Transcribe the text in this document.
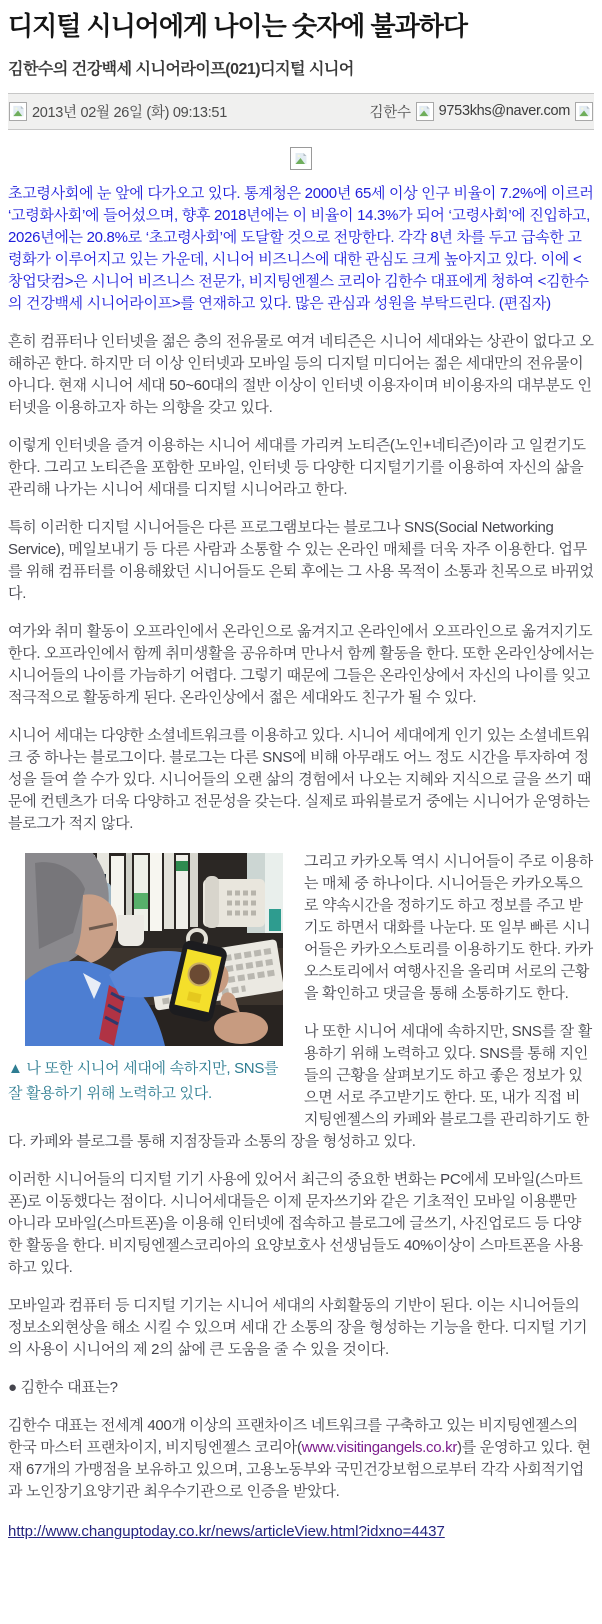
디지털 시니어에게 나이는 숫자에 불과하다
김한수의 건강백세 시니어라이프(021)디지털 시니어
2013년 02월 26일 (화) 09:13:51	김한수 9753khs@naver.com

초고령사회에 눈 앞에 다가오고 있다. 통계청은 2000년 65세 이상 인구 비율이 7.2%에 이르러 ‘고령화사회’에 들어섰으며, 향후 2018년에는 이 비율이 14.3%가 되어 ‘고령사회’에 진입하고, 2026년에는 20.8%로 ‘초고령사회’에 도달할 것으로 전망한다. 각각 8년 차를 두고 급속한 고령화가 이루어지고 있는 가운데, 시니어 비즈니스에 대한 관심도 크게 높아지고 있다. 이에 <창업닷컴>은 시니어 비즈니스 전문가, 비지팅엔젤스 코리아 김한수 대표에게 청하여 <김한수의 건강백세 시니어라이프>를 연재하고 있다. 많은 관심과 성원을 부탁드린다. (편집자)

흔히 컴퓨터나 인터넷을 젊은 층의 전유물로 여겨 네티즌은 시니어 세대와는 상관이 없다고 오해하곤 한다. 하지만 더 이상 인터넷과 모바일 등의 디지털 미디어는 젊은 세대만의 전유물이 아니다. 현재 시니어 세대 50~60대의 절반 이상이 인터넷 이용자이며 비이용자의 대부분도 인터넷을 이용하고자 하는 의향을 갖고 있다.

이렇게 인터넷을 즐겨 이용하는 시니어 세대를 가리켜 노티즌(노인+네티즌)이라 고 일컫기도 한다. 그리고 노티즌을 포함한 모바일, 인터넷 등 다양한 디지털기기를 이용하여 자신의 삶을 관리해 나가는 시니어 세대를 디지털 시니어라고 한다.

특히 이러한 디지털 시니어들은 다른 프로그램보다는 블로그나 SNS(Social Networking Service), 메일보내기 등 다른 사람과 소통할 수 있는 온라인 매체를 더욱 자주 이용한다. 업무를 위해 컴퓨터를 이용해왔던 시니어들도 은퇴 후에는 그 사용 목적이 소통과 친목으로 바뀌었다.

여가와 취미 활동이 오프라인에서 온라인으로 옮겨지고 온라인에서 오프라인으로 옮겨지기도 한다. 오프라인에서 함께 취미생활을 공유하며 만나서 함께 활동을 한다. 또한 온라인상에서는 시니어들의 나이를 가늠하기 어렵다. 그렇기 때문에 그들은 온라인상에서 자신의 나이를 잊고 적극적으로 활동하게 된다. 온라인상에서 젊은 세대와도 친구가 될 수 있다.

시니어 세대는 다양한 소셜네트워크를 이용하고 있다. 시니어 세대에게 인기 있는 소셜네트워크 중 하나는 블로그이다. 블로그는 다른 SNS에 비해 아무래도 어느 정도 시간을 투자하여 정성을 들여 쓸 수가 있다. 시니어들의 오랜 삶의 경험에서 나오는 지혜와 지식으로 글을 쓰기 때문에 컨텐츠가 더욱 다양하고 전문성을 갖는다. 실제로 파워블로거 중에는 시니어가 운영하는 블로그가 적지 않다.

▲ 나 또한 시니어 세대에 속하지만, SNS를 잘 활용하기 위해 노력하고 있다.

그리고 카카오톡 역시 시니어들이 주로 이용하는 매체 중 하나이다. 시니어들은 카카오톡으로 약속시간을 정하기도 하고 정보를 주고 받기도 하면서 대화를 나눈다. 또 일부 빠른 시니어들은 카카오스토리를 이용하기도 한다. 카카오스토리에서 여행사진을 올리며 서로의 근황을 확인하고 댓글을 통해 소통하기도 한다.

나 또한 시니어 세대에 속하지만, SNS를 잘 활용하기 위해 노력하고 있다. SNS를 통해 지인들의 근황을 살펴보기도 하고 좋은 정보가 있으면 서로 주고받기도 한다. 또, 내가 직접 비지팅엔젤스의 카페와 블로그를 관리하기도 한다. 카페와 블로그를 통해 지점장들과 소통의 장을 형성하고 있다.

이러한 시니어들의 디지털 기기 사용에 있어서 최근의 중요한 변화는 PC에세 모바일(스마트폰)로 이동했다는 점이다. 시니어세대들은 이제 문자쓰기와 같은 기초적인 모바일 이용뿐만 아니라 모바일(스마트폰)을 이용해 인터넷에 접속하고 블로그에 글쓰기, 사진업로드 등 다양한 활동을 한다. 비지팅엔젤스코리아의 요양보호사 선생님들도 40%이상이 스마트폰을 사용하고 있다.

모바일과 컴퓨터 등 디지털 기기는 시니어 세대의 사회활동의 기반이 된다. 이는 시니어들의 정보소외현상을 해소 시킬 수 있으며 세대 간 소통의 장을 형성하는 기능을 한다. 디지털 기기의 사용이 시니어의 제 2의 삶에 큰 도움을 줄 수 있을 것이다.

● 김한수 대표는?

김한수 대표는 전세계 400개 이상의 프랜차이즈 네트워크를 구축하고 있는 비지팅엔젤스의 한국 마스터 프랜차이지, 비지팅엔젤스 코리아(www.visitingangels.co.kr)를 운영하고 있다. 현재 67개의 가맹점을 보유하고 있으며, 고용노동부와 국민건강보험으로부터 각각 사회적기업과 노인장기요양기관 최우수기관으로 인증을 받았다.

http://www.changuptoday.co.kr/news/articleView.html?idxno=4437
